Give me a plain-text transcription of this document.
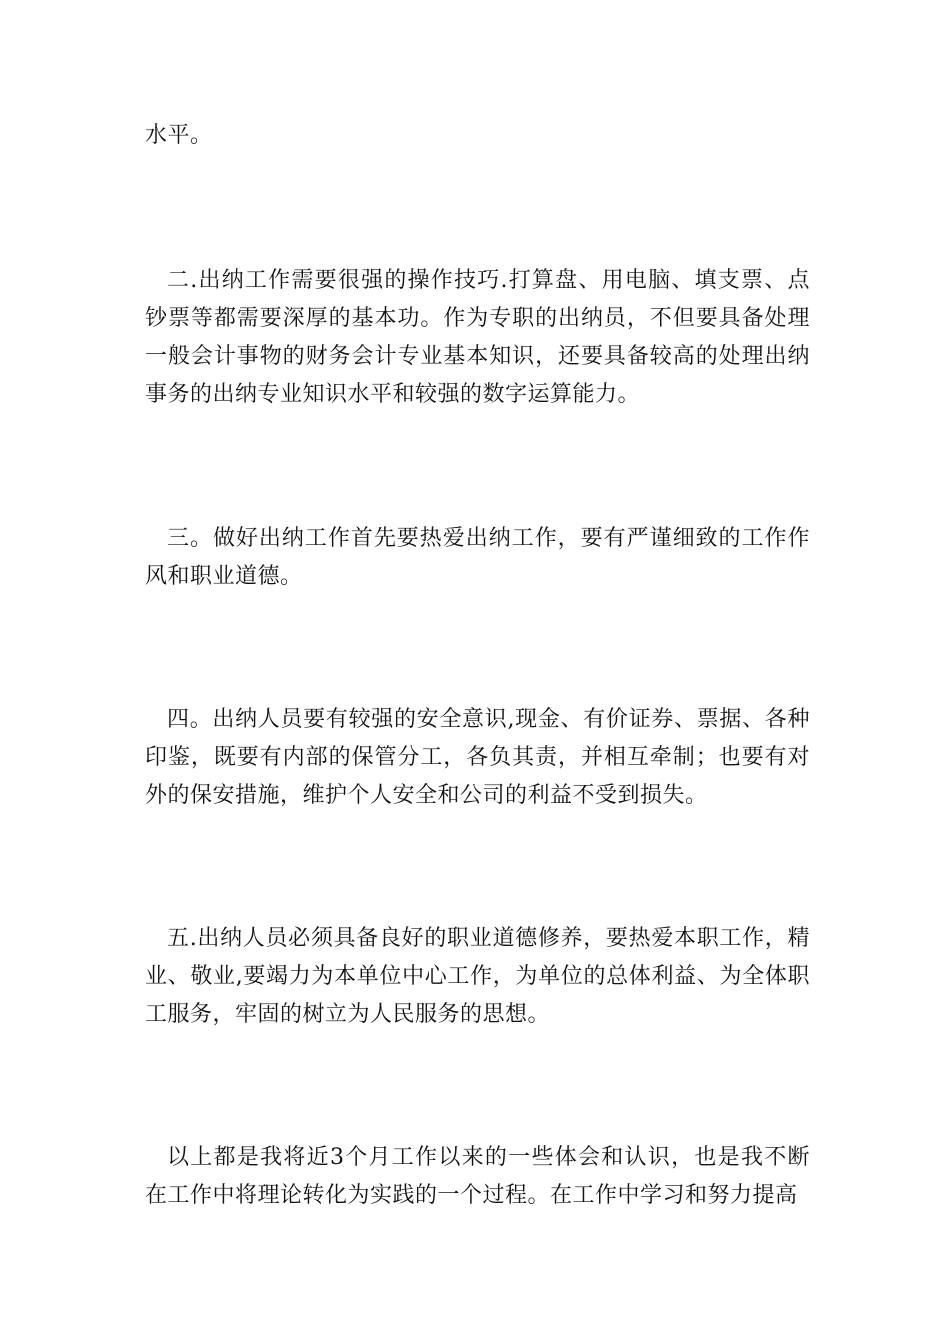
水平。

二.出纳工作需要很强的操作技巧.打算盘、用电脑、填支票、点钞票等都需要深厚的基本功。作为专职的出纳员，不但要具备处理一般会计事物的财务会计专业基本知识，还要具备较高的处理出纳事务的出纳专业知识水平和较强的数字运算能力。

三。做好出纳工作首先要热爱出纳工作，要有严谨细致的工作作风和职业道德。

四。出纳人员要有较强的安全意识,现金、有价证券、票据、各种印鉴，既要有内部的保管分工，各负其责，并相互牵制；也要有对外的保安措施，维护个人安全和公司的利益不受到损失。

五.出纳人员必须具备良好的职业道德修养，要热爱本职工作，精业、敬业,要竭力为本单位中心工作，为单位的总体利益、为全体职工服务，牢固的树立为人民服务的思想。

以上都是我将近3个月工作以来的一些体会和认识，也是我不断在工作中将理论转化为实践的一个过程。在工作中学习和努力提高
